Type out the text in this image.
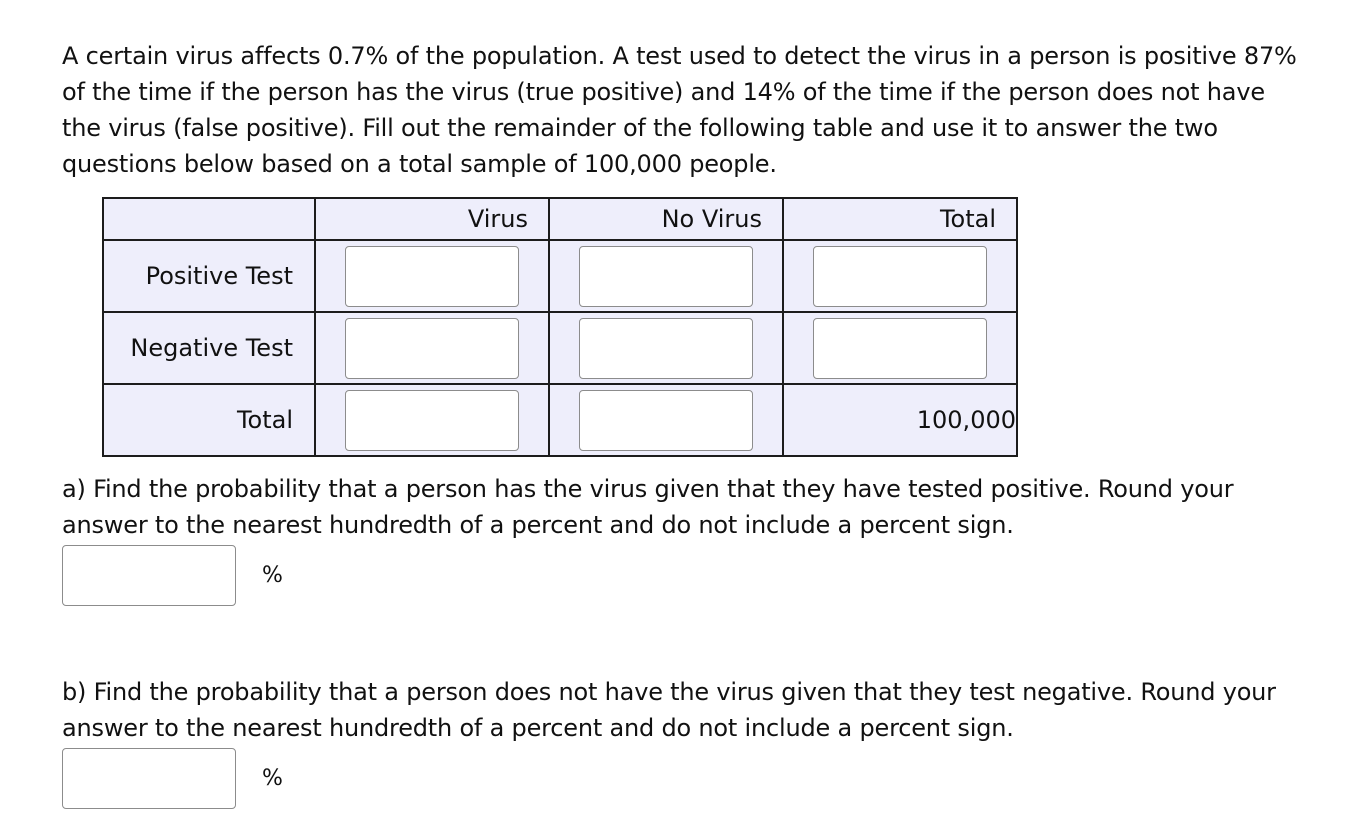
A certain virus affects 0.7% of the population. A test used to detect the virus in a person is positive 87% of the time if the person has the virus (true positive) and 14% of the time if the person does not have the virus (false positive). Fill out the remainder of the following table and use it to answer the two questions below based on a total sample of 100,000 people.
	Virus	No Virus	Total
Positive Test			
Negative Test			
Total			100,000
a) Find the probability that a person has the virus given that they have tested positive. Round your answer to the nearest hundredth of a percent and do not include a percent sign.
%
b) Find the probability that a person does not have the virus given that they test negative. Round your answer to the nearest hundredth of a percent and do not include a percent sign.
%
